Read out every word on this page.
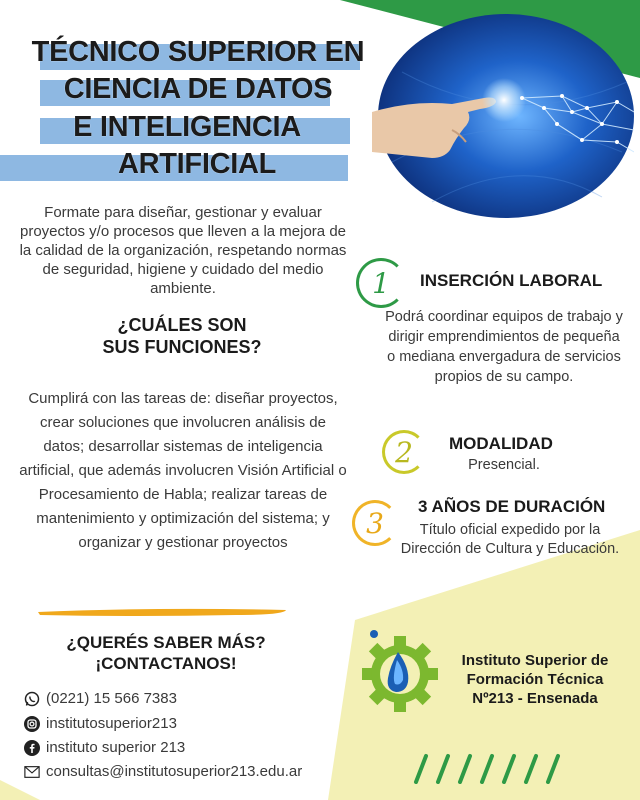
TÉCNICO SUPERIOR EN
CIENCIA DE DATOS
E INTELIGENCIA
ARTIFICIAL
Formate para diseñar, gestionar y evaluar proyectos y/o procesos que lleven a la mejora de la calidad de la organización, respetando normas de seguridad, higiene y cuidado del medio ambiente.
¿CUÁLES SON
SUS FUNCIONES?
Cumplirá con las tareas de: diseñar proyectos, crear soluciones que involucren análisis de datos; desarrollar sistemas de inteligencia artificial, que además involucren Visión Artificial o Procesamiento de Habla; realizar tareas de mantenimiento y optimización del sistema; y organizar y gestionar proyectos
1 INSERCIÓN LABORAL
Podrá coordinar equipos de trabajo y dirigir emprendimientos de pequeña o mediana envergadura de servicios propios de su campo.
2 MODALIDAD
Presencial.
3 3 AÑOS DE DURACIÓN
Título oficial expedido por la Dirección de Cultura y Educación.
¿QUERÉS SABER MÁS?
¡CONTACTANOS!
(0221) 15 566 7383
institutosuperior213
instituto superior 213
consultas@institutosuperior213.edu.ar
Instituto Superior de
Formación Técnica
Nº213 - Ensenada
